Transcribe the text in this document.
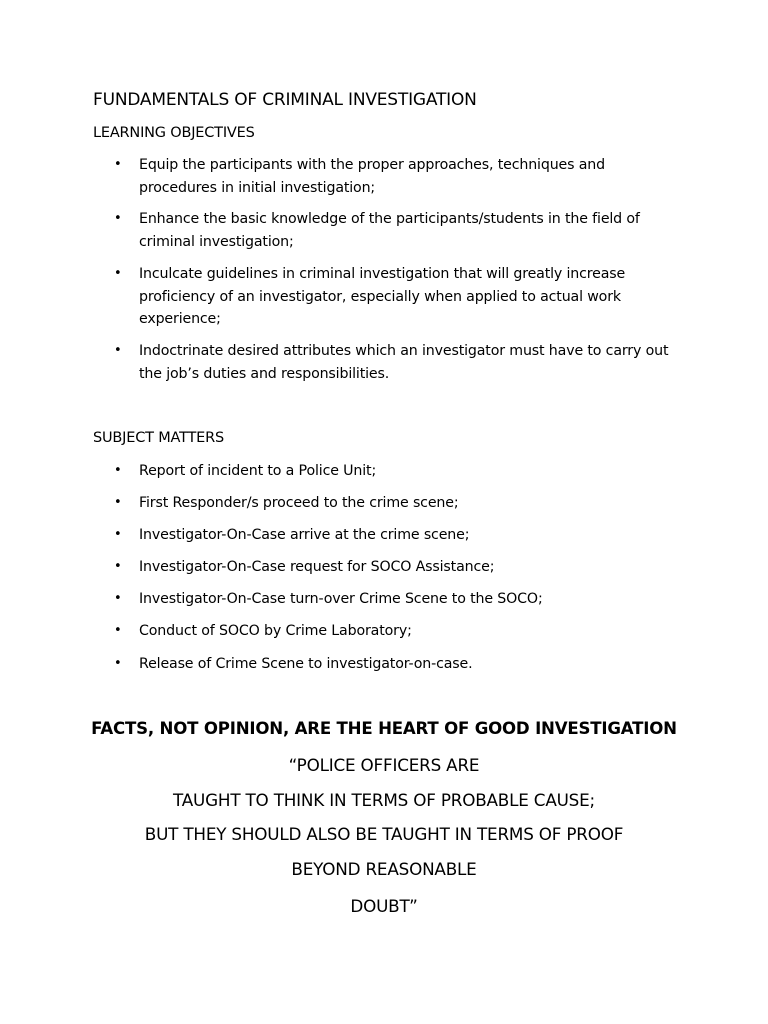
FUNDAMENTALS OF CRIMINAL INVESTIGATION
LEARNING OBJECTIVES
• Equip the participants with the proper approaches, techniques and procedures in initial investigation;
• Enhance the basic knowledge of the participants/students in the field of criminal investigation;
• Inculcate guidelines in criminal investigation that will greatly increase proficiency of an investigator, especially when applied to actual work experience;
• Indoctrinate desired attributes which an investigator must have to carry out the job’s duties and responsibilities.
SUBJECT MATTERS
• Report of incident to a Police Unit;
• First Responder/s proceed to the crime scene;
• Investigator-On-Case arrive at the crime scene;
• Investigator-On-Case request for SOCO Assistance;
• Investigator-On-Case turn-over Crime Scene to the SOCO;
• Conduct of SOCO by Crime Laboratory;
• Release of Crime Scene to investigator-on-case.
FACTS, NOT OPINION, ARE THE HEART OF GOOD INVESTIGATION
“POLICE OFFICERS ARE
TAUGHT TO THINK IN TERMS OF PROBABLE CAUSE;
BUT THEY SHOULD ALSO BE TAUGHT IN TERMS OF PROOF
BEYOND REASONABLE
DOUBT”
